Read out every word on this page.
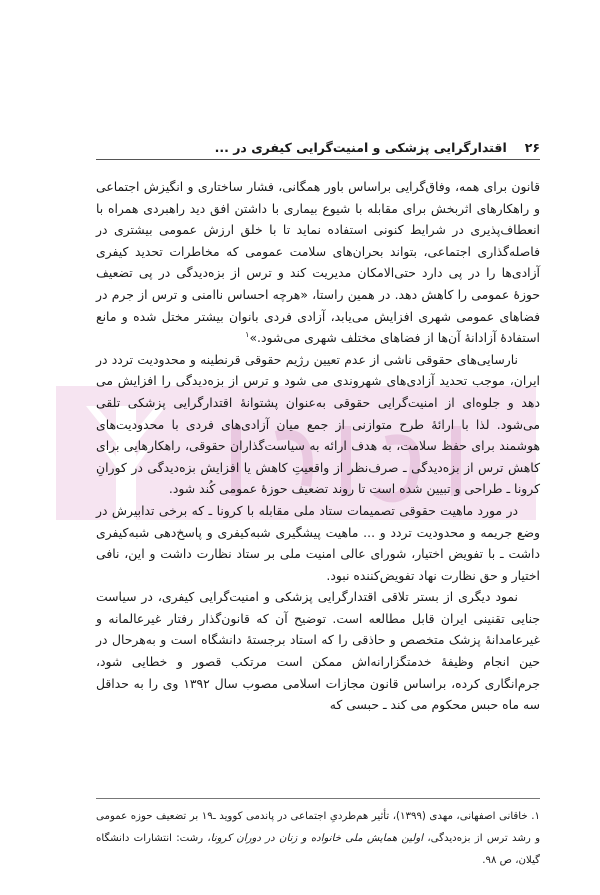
۲۶
اقتدارگرایی پزشکی و امنیت‌گرایی کیفری در ...

قانون برای همه، وفاق‌گرایی براساس باور همگانی، فشار ساختاری و انگیزش اجتماعی و راهکارهای اثربخش برای مقابله با شیوع بیماری با داشتن افق دید راهبردی همراه با انعطاف‌پذیری در شرایط کنونی استفاده نماید تا با خلق ارزش عمومی بیشتری در فاصله‌گذاری اجتماعی، بتواند بحران‌های سلامت عمومی که مخاطرات تحدید کیفری آزادی‌ها را در پی دارد حتی‌الامکان مدیریت کند و ترس از بزه‌دیدگی در پی تضعیف حوزهٔ عمومی را کاهش دهد. در همین راستا، «هرچه احساس ناامنی و ترس از جرم در فضاهای عمومی شهری افزایش می‌یابد، آزادی فردی بانوان بیشتر مختل شده و مانع استفادهٔ آزادانهٔ آن‌ها از فضاهای مختلف شهری می‌شود.»$^۱$

نارسایی‌های حقوقی ناشی از عدم تعیین رژیم حقوقی قرنطینه و محدودیت تردد در ایران، موجب تحدید آزادی‌های شهروندی می شود و ترس از بزه‌دیدگی را افزایش می دهد و جلوه‌ای از امنیت‌گرایی حقوقی به‌عنوان پشتوانهٔ اقتدارگرایی پزشکی تلقی می‌شود. لذا با ارائهٔ طرح متوازنی از جمع میان آزادی‌های فردی با محدودیت‌های هوشمند برای حفظ سلامت، به هدف ارائه به سیاست‌گذاران حقوقی، راهکارهایی برای کاهش ترس از بزه‌دیدگی ـ صرف‌نظر از واقعیتِ کاهش یا افزایش بزه‌دیدگی در کورانِ کرونا ـ طراحی و تبیین شده است تا روند تضعیف حوزهٔ عمومی کُند شود.

در مورد ماهیت حقوقی تصمیمات ستاد ملی مقابله با کرونا ـ که برخی تدابیرش در وضع جریمه و محدودیت تردد و ... ماهیت پیشگیری شبه‌کیفری و پاسخ‌دهی شبه‌کیفری داشت ـ با تفویض اختیار، شورای عالی امنیت ملی بر ستاد نظارت داشت و این، نافی اختیار و حق نظارت نهاد تفویض‌کننده نبود.

نمود دیگری از بستر تلاقی اقتدارگرایی پزشکی و امنیت‌گرایی کیفری، در سیاست جنایی تقنینی ایران قابل مطالعه است. توضیح آن که قانون‌گذار رفتار غیرعالمانه و غیرعامدانهٔ پزشک متخصص و حاذقی را که استاد برجستهٔ دانشگاه است و به‌هرحال در حین انجام وظیفهٔ خدمتگزارانه‌اش ممکن است مرتکب قصور و خطایی شود، جرم‌انگاری کرده، براساس قانون مجازات اسلامی مصوب سال ۱۳۹۲ وی را به حداقل سه ماه حبس محکوم می کند ـ حبسی که

۱. خاقانی اصفهانی، مهدی (۱۳۹۹)، تأثیر هم‌طردیِ اجتماعی در پاندمی کووید ـ۱۹ بر تضعیف حوزه عمومی و رشد ترس از بزه‌دیدگی، اولین همایش ملی خانواده و زنان در دوران کرونا، رشت: انتشارات دانشگاه گیلان، ص ۹۸.
